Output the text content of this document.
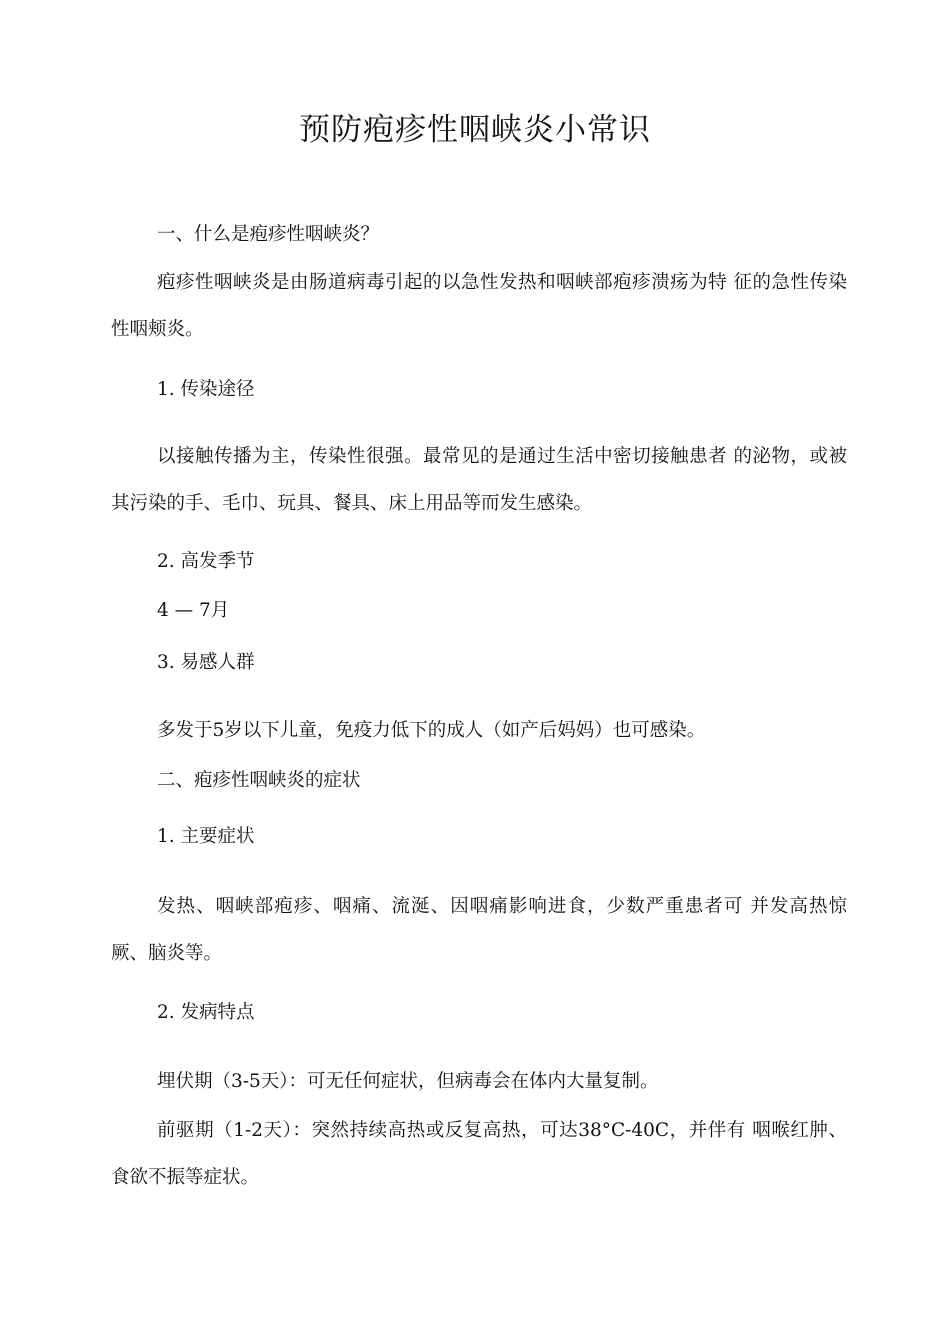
预防疱疹性咽峡炎小常识

一、什么是疱疹性咽峡炎？

疱疹性咽峡炎是由肠道病毒引起的以急性发热和咽峡部疱疹溃疡为特 征的急性传染性咽颊炎。

1. 传染途径

以接触传播为主，传染性很强。最常见的是通过生活中密切接触患者 的泌物，或被其污染的手、毛巾、玩具、餐具、床上用品等而发生感染。

2. 高发季节

4 — 7月

3. 易感人群

多发于5岁以下儿童，免疫力低下的成人（如产后妈妈）也可感染。

二、疱疹性咽峡炎的症状

1. 主要症状

发热、咽峡部疱疹、咽痛、流涎、因咽痛影响进食，少数严重患者可 并发高热惊厥、脑炎等。

2. 发病特点

埋伏期（3-5天）：可无任何症状，但病毒会在体内大量复制。

前驱期（1-2天）：突然持续高热或反复高热，可达38°C-40C，并伴有 咽喉红肿、食欲不振等症状。
